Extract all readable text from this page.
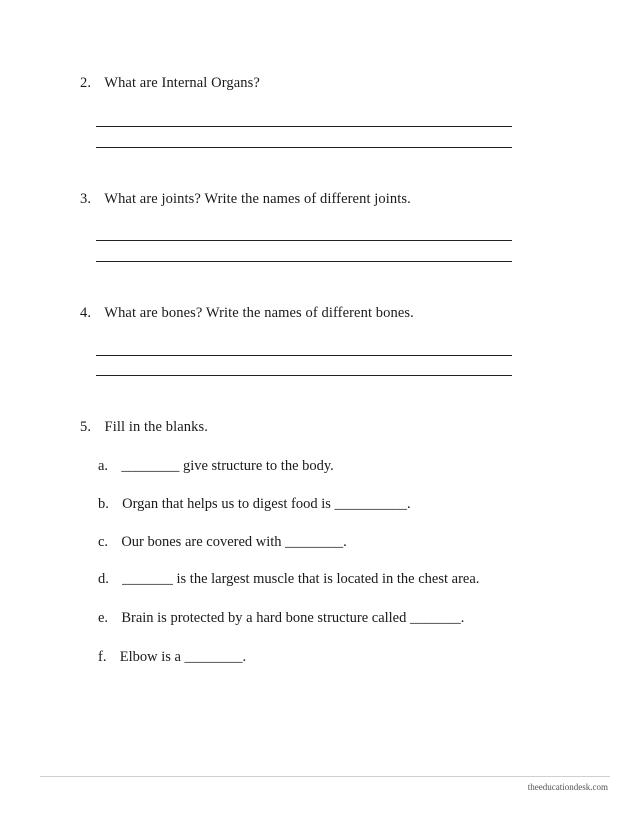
2. What are Internal Organs?
3. What are joints? Write the names of different joints.
4. What are bones? Write the names of different bones.
5. Fill in the blanks.
a. ________ give structure to the body.
b. Organ that helps us to digest food is __________.
c. Our bones are covered with ________.
d. _______ is the largest muscle that is located in the chest area.
e. Brain is protected by a hard bone structure called _______.
f. Elbow is a ________.
theeducationdesk.com
